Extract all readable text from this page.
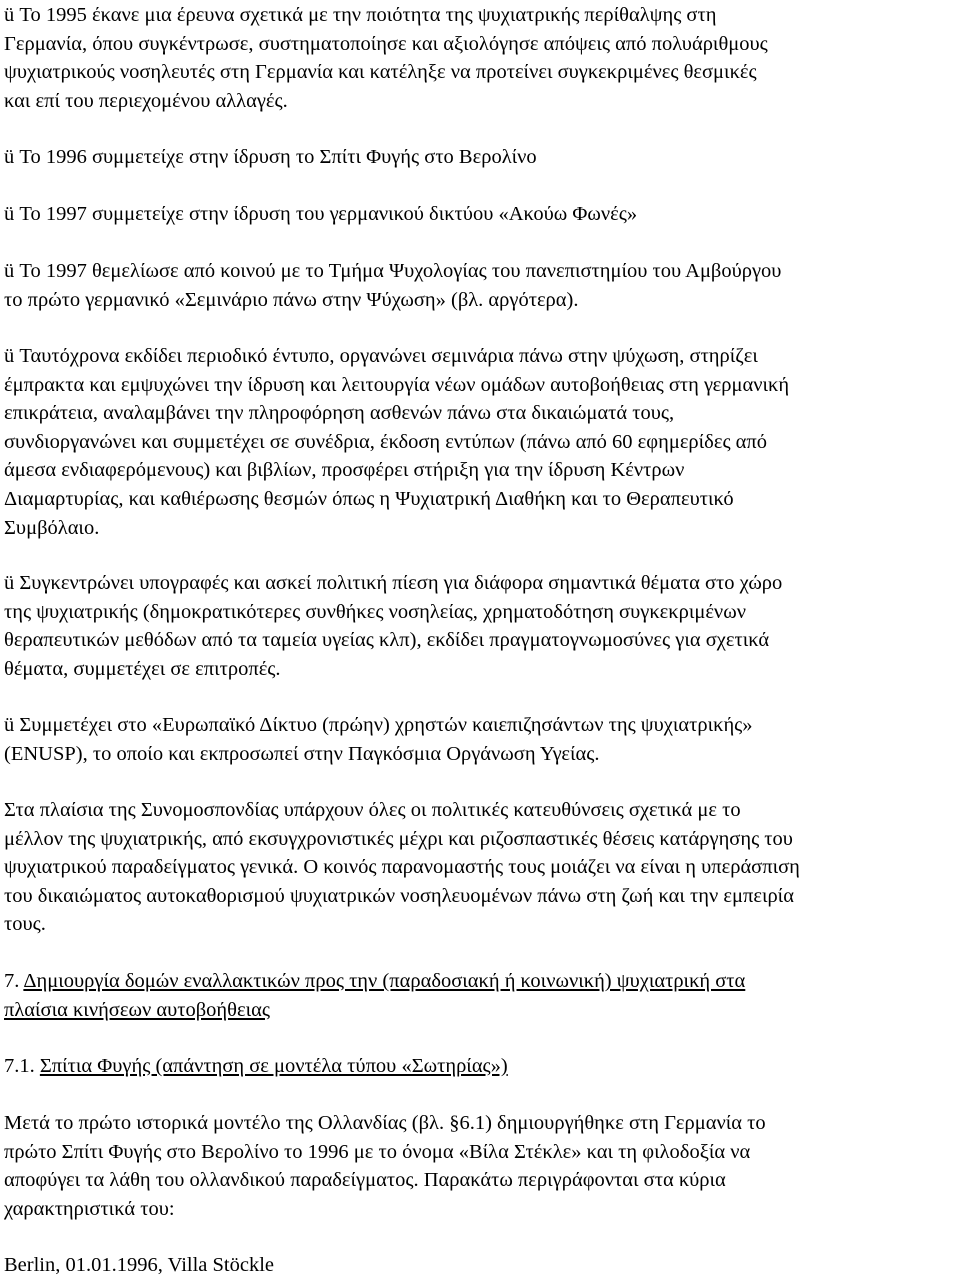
ü Το 1995 έκανε μια έρευνα σχετικά με την ποιότητα της ψυχιατρικής περίθαλψης στη
Γερμανία, όπου συγκέντρωσε, συστηματοποίησε και αξιολόγησε απόψεις από πολυάριθμους
ψυχιατρικούς νοσηλευτές στη Γερμανία και κατέληξε να προτείνει συγκεκριμένες θεσμικές
και επί του περιεχομένου αλλαγές.
ü Το 1996 συμμετείχε στην ίδρυση το Σπίτι Φυγής στο Βερολίνο
ü Το 1997 συμμετείχε στην ίδρυση του γερμανικού δικτύου «Ακούω Φωνές»
ü Το 1997 θεμελίωσε από κοινού με το Τμήμα Ψυχολογίας του πανεπιστημίου του Αμβούργου
το πρώτο γερμανικό «Σεμινάριο πάνω στην Ψύχωση» (βλ. αργότερα).
ü Ταυτόχρονα εκδίδει περιοδικό έντυπο, οργανώνει σεμινάρια πάνω στην ψύχωση, στηρίζει
έμπρακτα και εμψυχώνει την ίδρυση και λειτουργία νέων ομάδων αυτοβοήθειας στη γερμανική
επικράτεια, αναλαμβάνει την πληροφόρηση ασθενών πάνω στα δικαιώματά τους,
συνδιοργανώνει και συμμετέχει σε συνέδρια, έκδοση εντύπων (πάνω από 60 εφημερίδες από
άμεσα ενδιαφερόμενους) και βιβλίων, προσφέρει στήριξη για την ίδρυση Κέντρων
Διαμαρτυρίας, και καθιέρωσης θεσμών όπως η Ψυχιατρική Διαθήκη και το Θεραπευτικό
Συμβόλαιο.
ü Συγκεντρώνει υπογραφές και ασκεί πολιτική πίεση για διάφορα σημαντικά θέματα στο χώρο
της ψυχιατρικής (δημοκρατικότερες συνθήκες νοσηλείας, χρηματοδότηση συγκεκριμένων
θεραπευτικών μεθόδων από τα ταμεία υγείας κλπ), εκδίδει πραγματογνωμοσύνες για σχετικά
θέματα, συμμετέχει σε επιτροπές.
ü Συμμετέχει στο «Ευρωπαϊκό Δίκτυο (πρώην) χρηστών καιεπιζησάντων της ψυχιατρικής»
(ENUSP), το οποίο και εκπροσωπεί στην Παγκόσμια Οργάνωση Υγείας.
Στα πλαίσια της Συνομοσπονδίας υπάρχουν όλες οι πολιτικές κατευθύνσεις σχετικά με το
μέλλον της ψυχιατρικής, από εκσυγχρονιστικές μέχρι και ριζοσπαστικές θέσεις κατάργησης του
ψυχιατρικού παραδείγματος γενικά. Ο κοινός παρανομαστής τους μοιάζει να είναι η υπεράσπιση
του δικαιώματος αυτοκαθορισμού ψυχιατρικών νοσηλευομένων πάνω στη ζωή και την εμπειρία
τους.
7. Δημιουργία δομών εναλλακτικών προς την (παραδοσιακή ή κοινωνική) ψυχιατρική στα
πλαίσια κινήσεων αυτοβοήθειας
7.1. Σπίτια Φυγής (απάντηση σε μοντέλα τύπου «Σωτηρίας»)
Μετά το πρώτο ιστορικά μοντέλο της Ολλανδίας (βλ. §6.1) δημιουργήθηκε στη Γερμανία το
πρώτο Σπίτι Φυγής στο Βερολίνο το 1996 με το όνομα «Βίλα Στέκλε» και τη φιλοδοξία να
αποφύγει τα λάθη του ολλανδικού παραδείγματος. Παρακάτω περιγράφονται στα κύρια
χαρακτηριστικά του:
Berlin, 01.01.1996, Villa Stöckle
